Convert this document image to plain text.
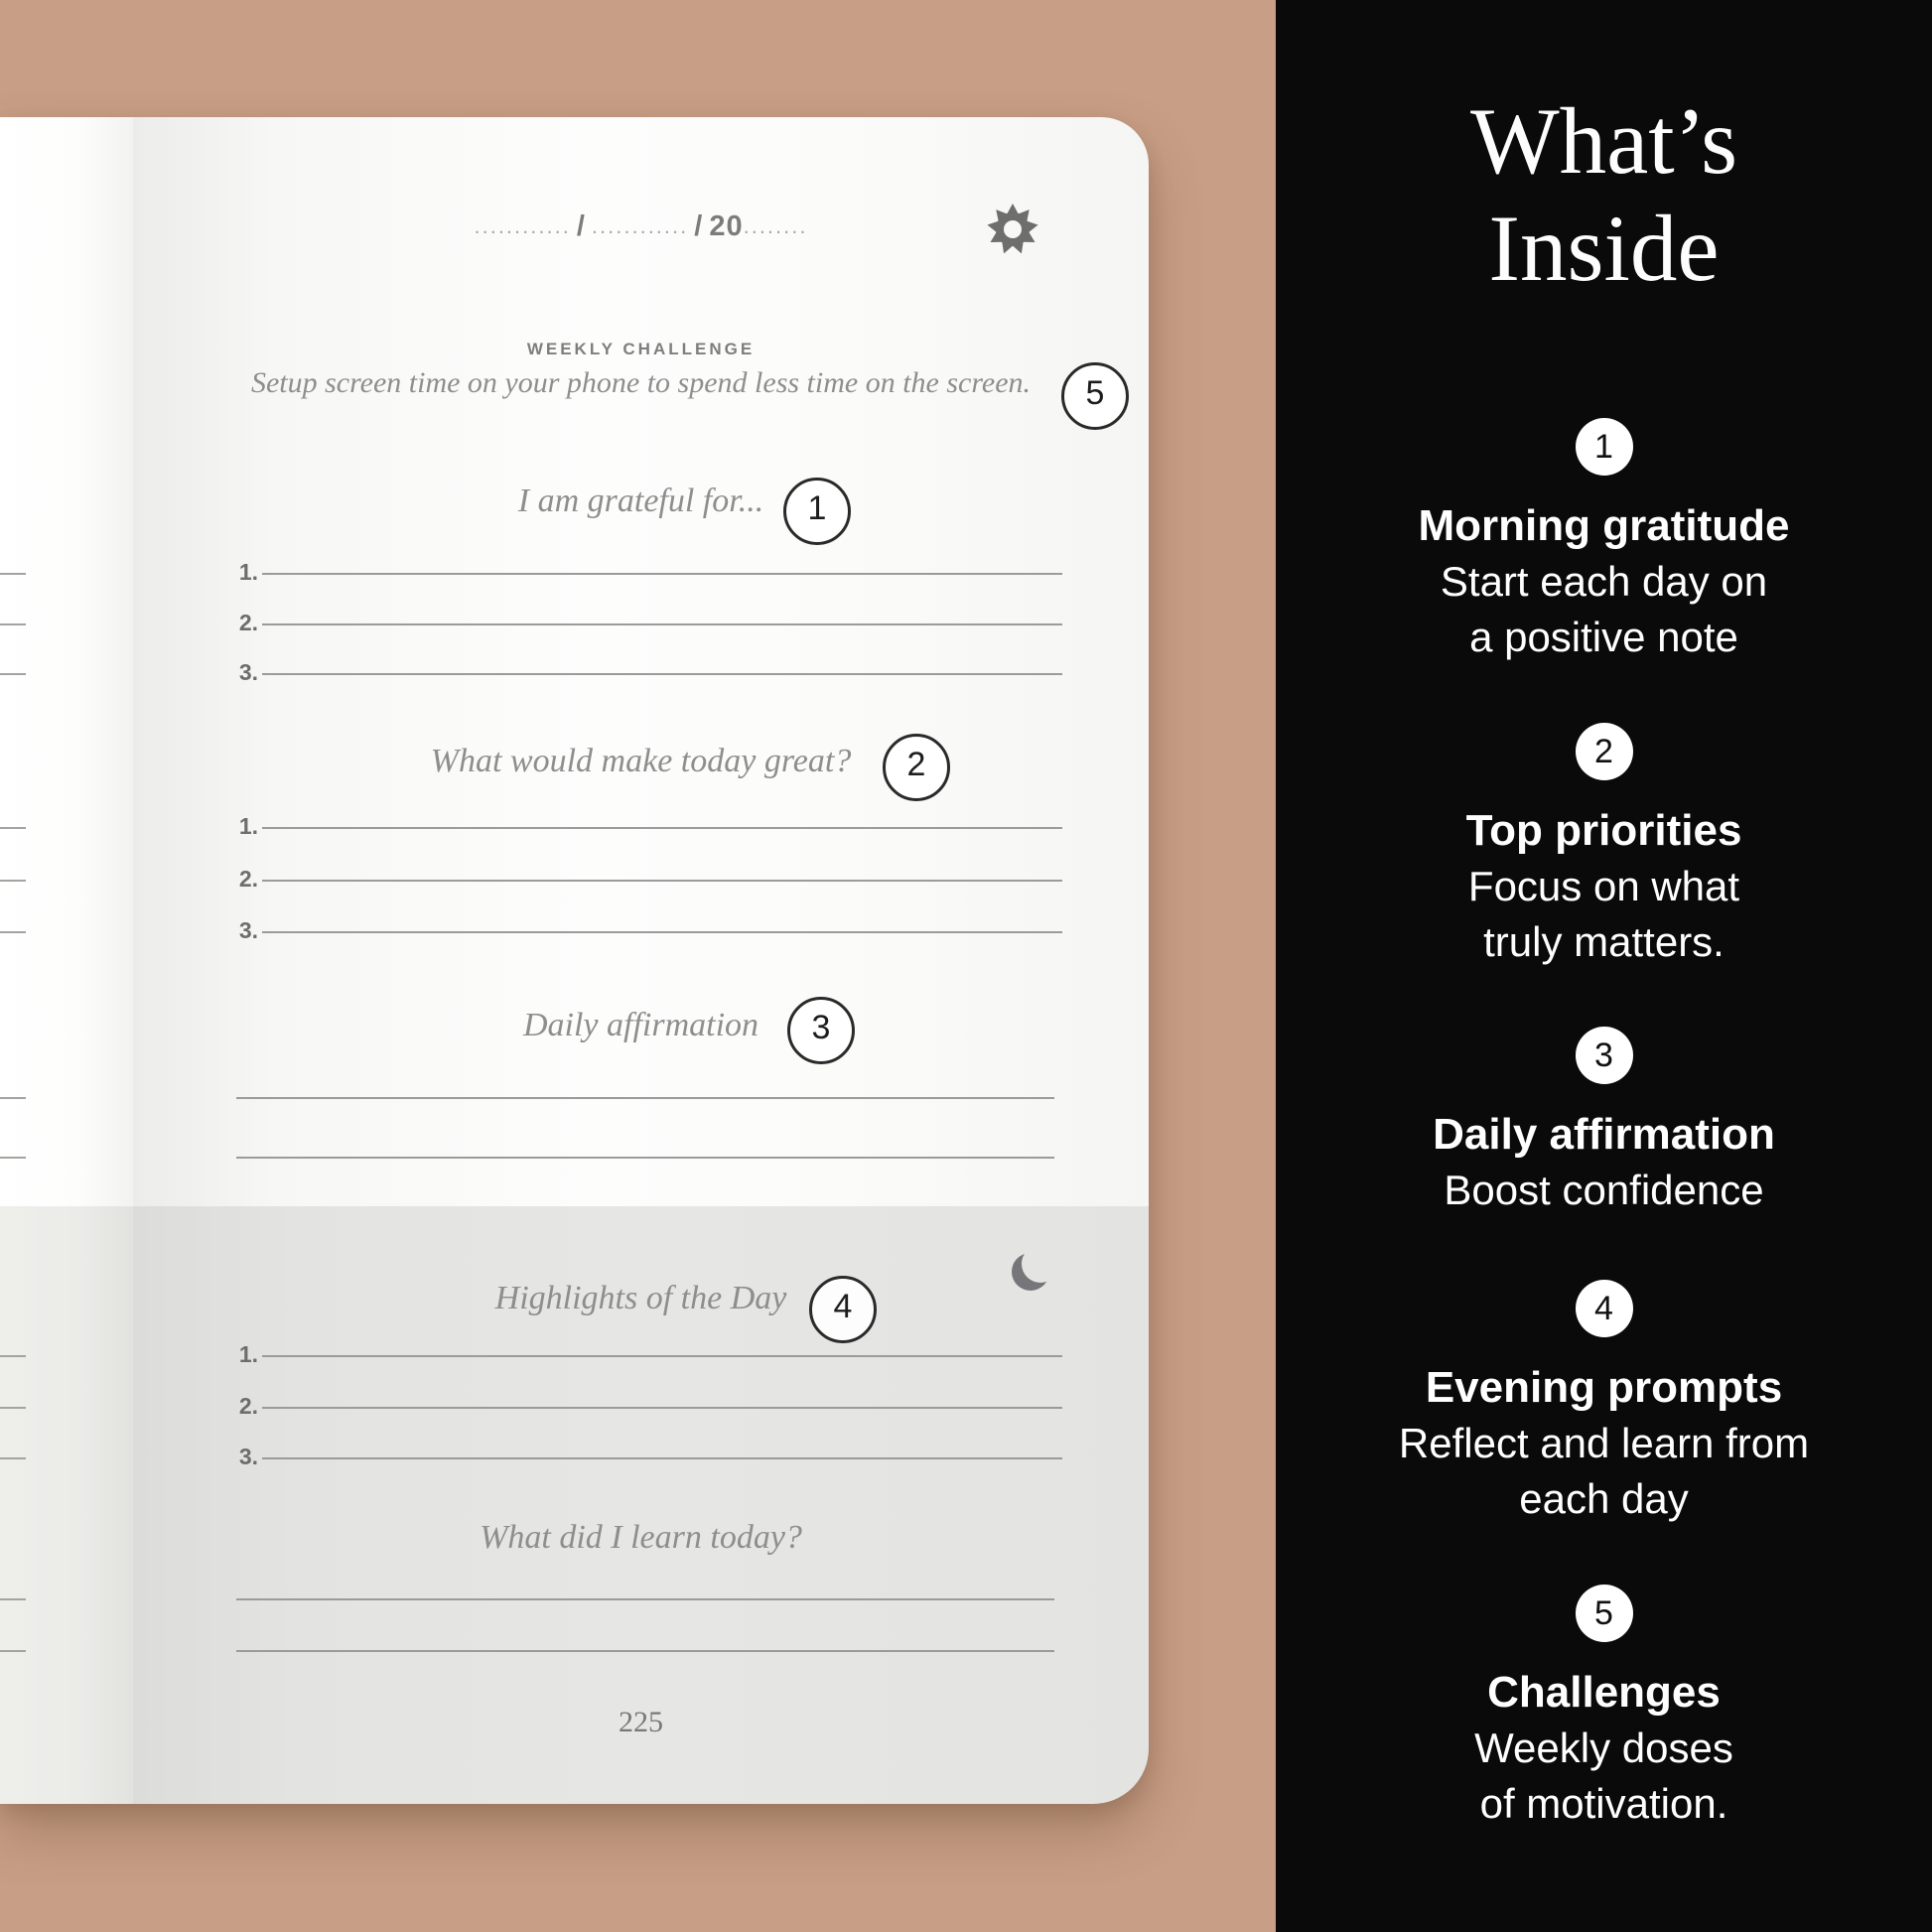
............ / ............ / 20........
WEEKLY CHALLENGE
Setup screen time on your phone to spend less time on the screen.	5
I am grateful for...	1
1.
2.
3.
What would make today great?	2
1.
2.
3.
Daily affirmation	3
Highlights of the Day	4
1.
2.
3.
What did I learn today?
225
What’s
Inside
1
Morning gratitude
Start each day on
a positive note
2
Top priorities
Focus on what
truly matters.
3
Daily affirmation
Boost confidence
4
Evening prompts
Reflect and learn from
each day
5
Challenges
Weekly doses
of motivation.
